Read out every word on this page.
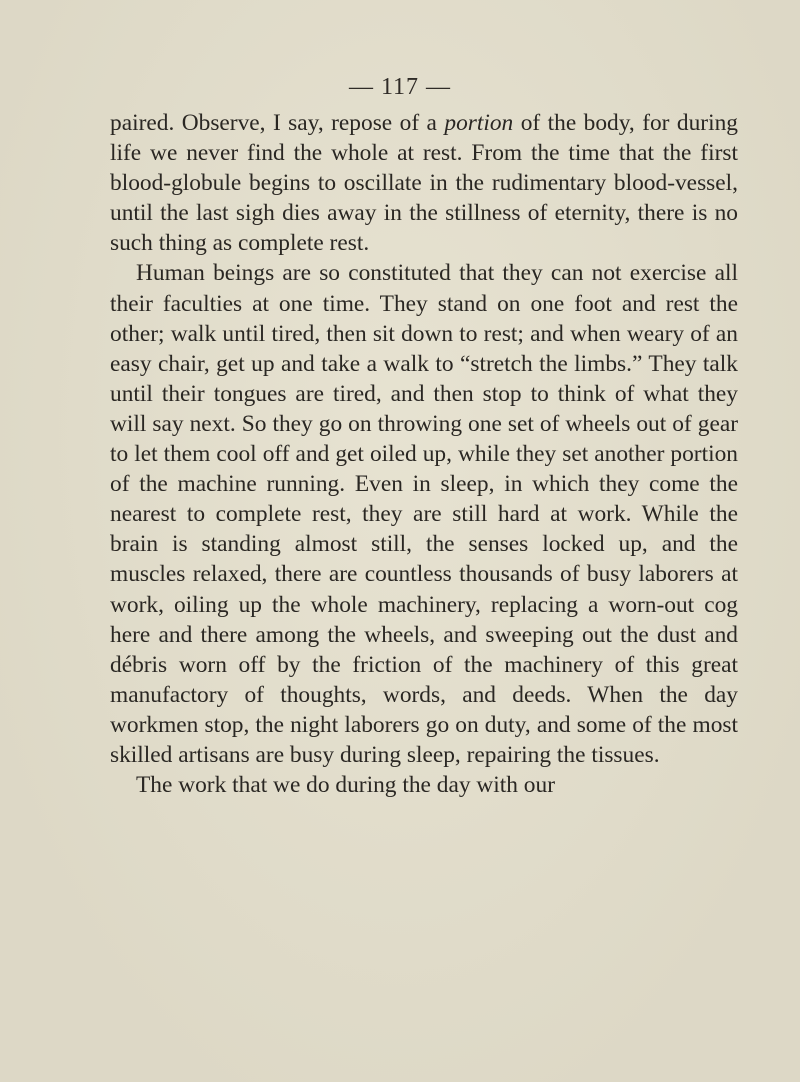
— 117 —

paired. Observe, I say, repose of a portion of the body, for during life we never find the whole at rest. From the time that the first blood-globule begins to oscillate in the rudimentary blood-vessel, until the last sigh dies away in the stillness of eternity, there is no such thing as complete rest.

Human beings are so constituted that they can not exercise all their faculties at one time. They stand on one foot and rest the other; walk until tired, then sit down to rest; and when weary of an easy chair, get up and take a walk to “stretch the limbs.” They talk until their tongues are tired, and then stop to think of what they will say next. So they go on throwing one set of wheels out of gear to let them cool off and get oiled up, while they set another portion of the machine running. Even in sleep, in which they come the nearest to complete rest, they are still hard at work. While the brain is standing almost still, the senses locked up, and the muscles relaxed, there are countless thousands of busy laborers at work, oiling up the whole machinery, replacing a worn-out cog here and there among the wheels, and sweeping out the dust and débris worn off by the friction of the machinery of this great manufactory of thoughts, words, and deeds. When the day workmen stop, the night laborers go on duty, and some of the most skilled artisans are busy during sleep, repairing the tissues.

The work that we do during the day with our
